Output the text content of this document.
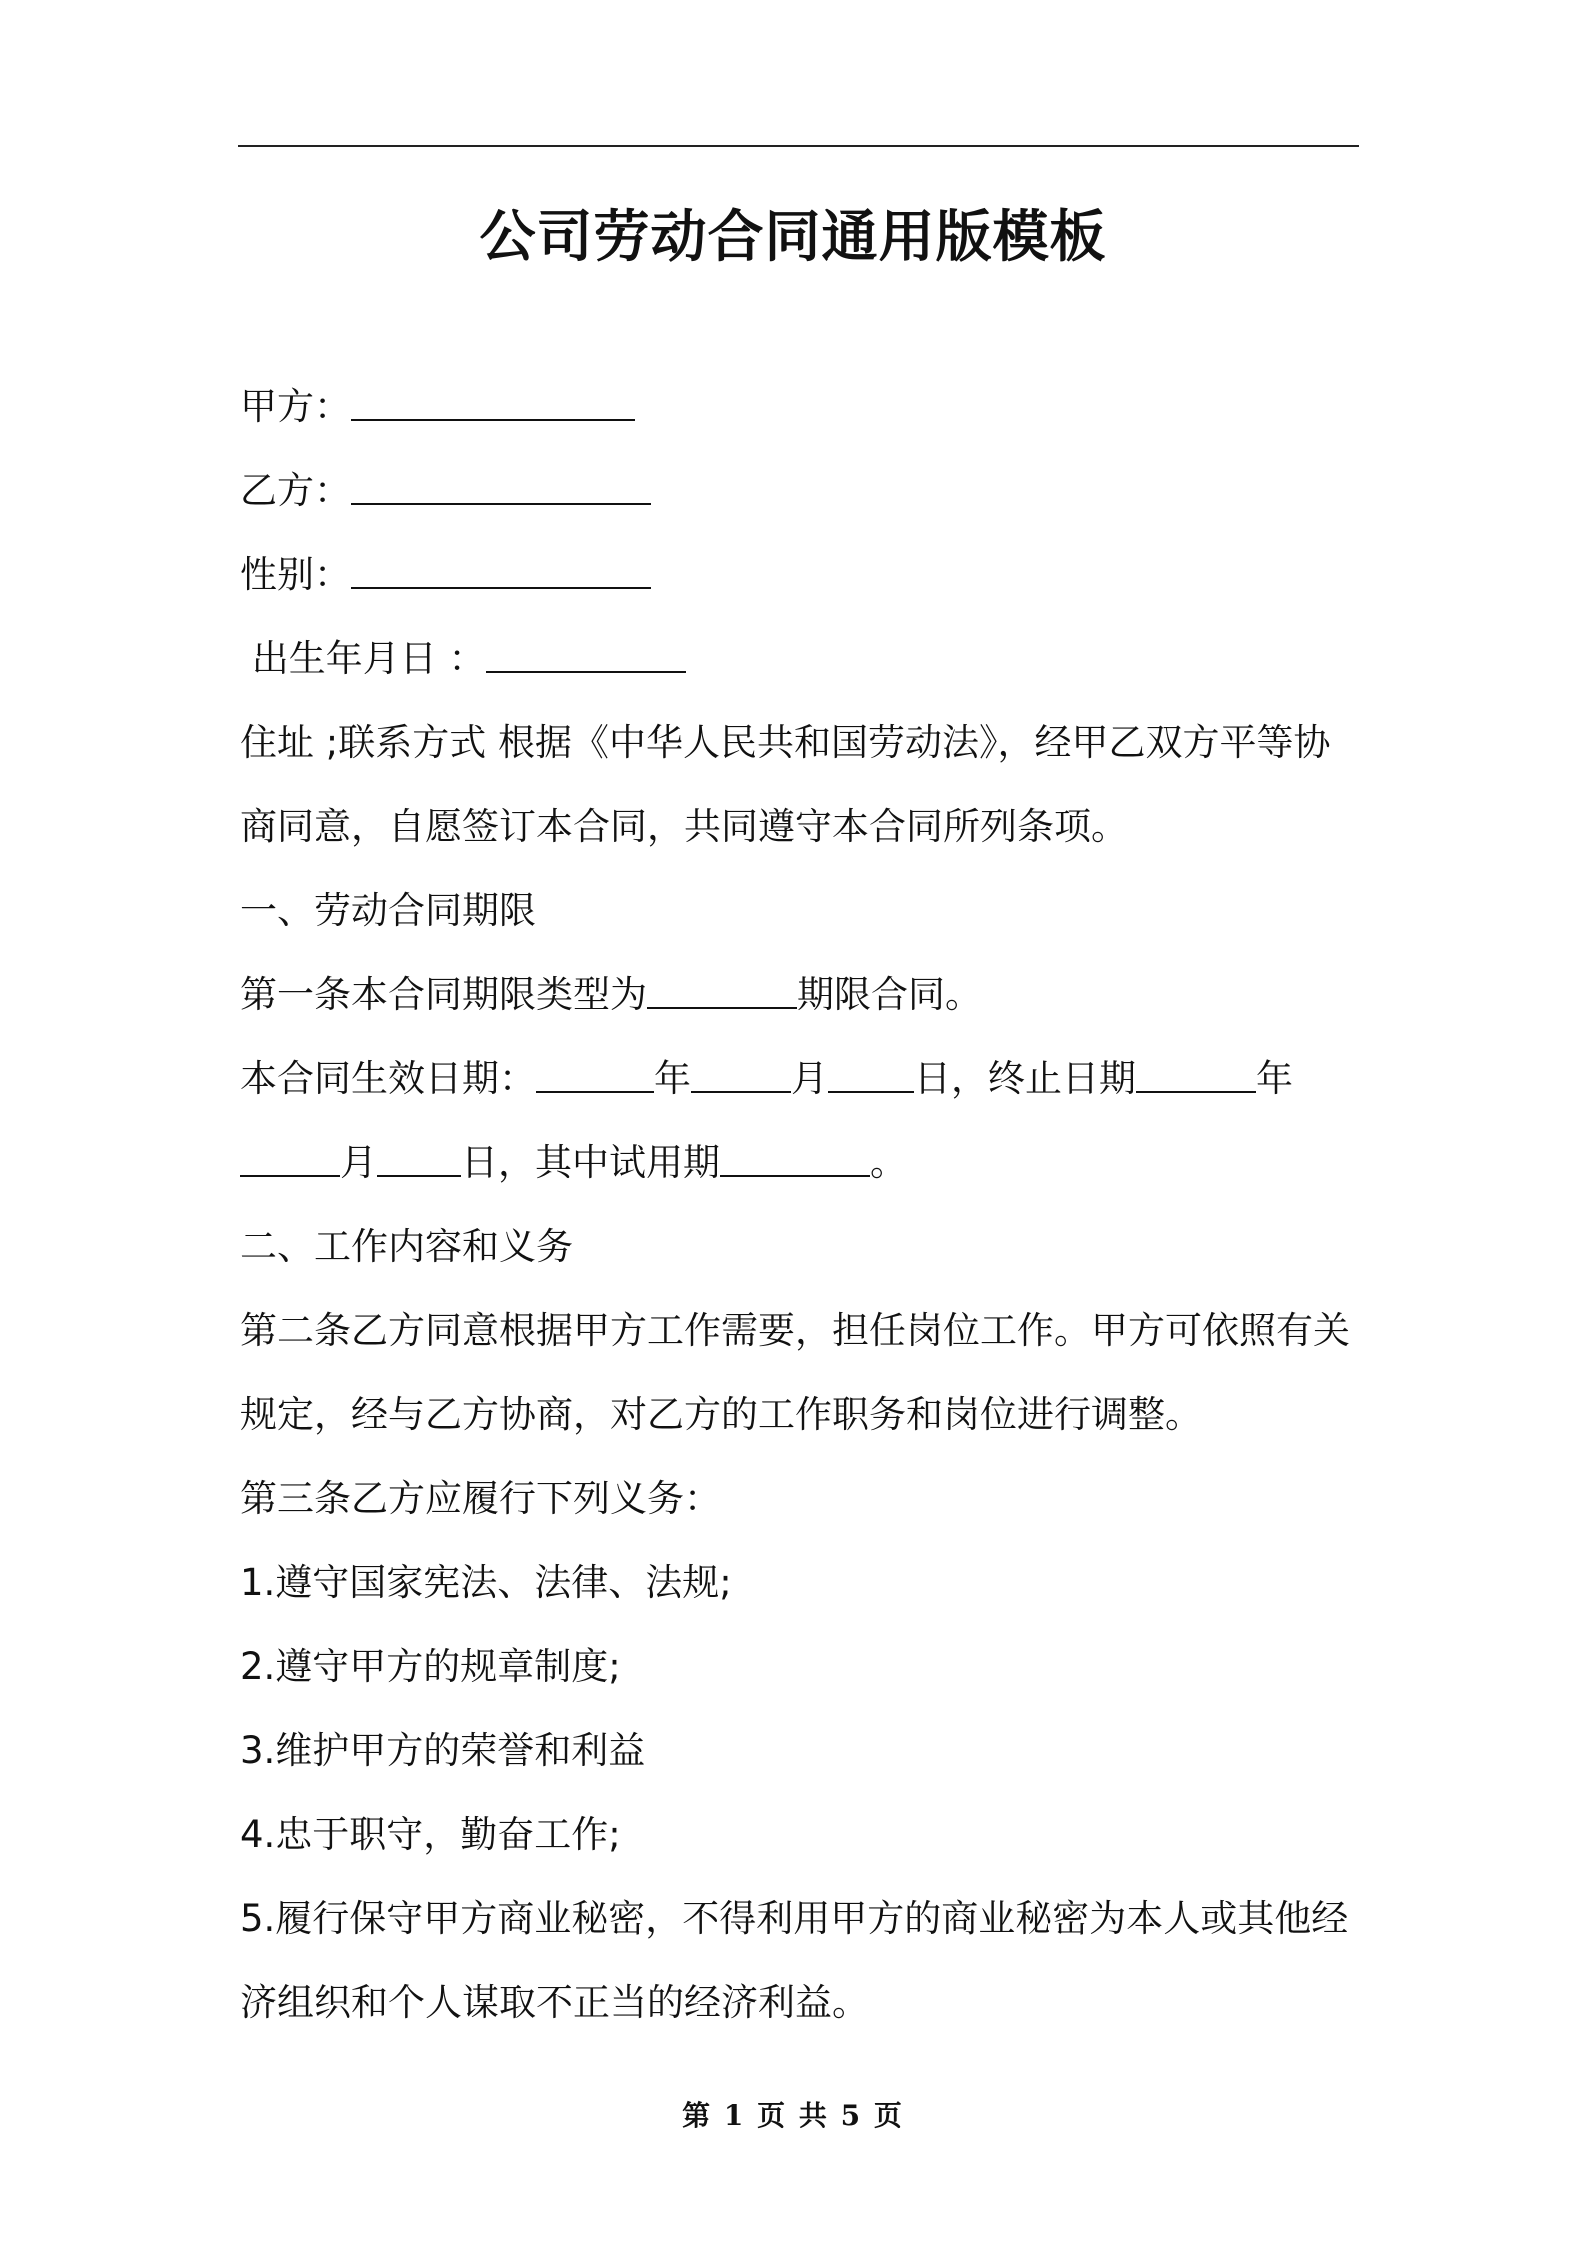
公司劳动合同通用版模板
甲方：
乙方：
性别：
出生年月日 ：
住址 ;联系方式 根据《中华人民共和国劳动法》，经甲乙双方平等协
商同意，自愿签订本合同，共同遵守本合同所列条项。
一、劳动合同期限
第一条本合同期限类型为	期限合同。
本合同生效日期：	年	月 日，终止日期	年
月 日，其中试用期	。
二、工作内容和义务
第二条乙方同意根据甲方工作需要，担任岗位工作。甲方可依照有关
规定，经与乙方协商，对乙方的工作职务和岗位进行调整。
第三条乙方应履行下列义务：
1.遵守国家宪法、法律、法规;
2.遵守甲方的规章制度;
3.维护甲方的荣誉和利益
4.忠于职守，勤奋工作;
5.履行保守甲方商业秘密，不得利用甲方的商业秘密为本人或其他经
济组织和个人谋取不正当的经济利益。
第 1 页 共 5 页
